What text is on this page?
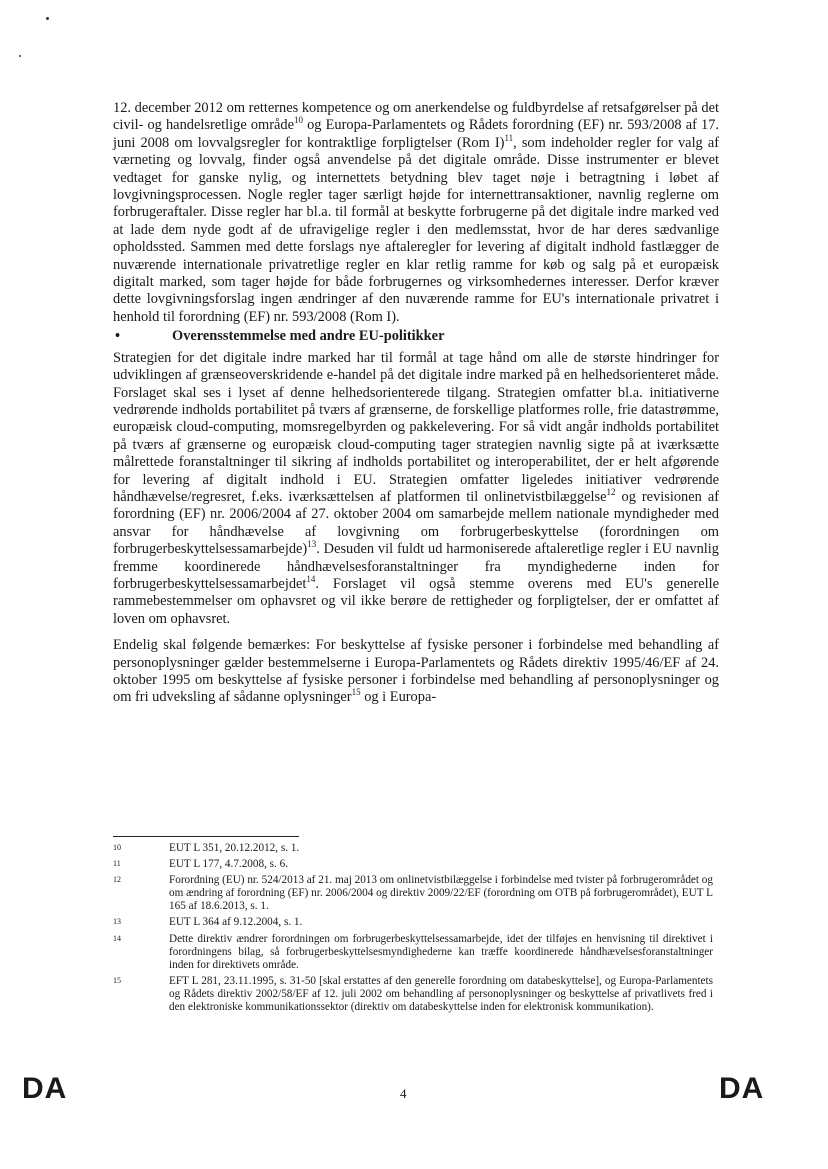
12. december 2012 om retternes kompetence og om anerkendelse og fuldbyrdelse af retsafgørelser på det civil- og handelsretlige område$^{10}$ og Europa-Parlamentets og Rådets forordning (EF) nr. 593/2008 af 17. juni 2008 om lovvalgsregler for kontraktlige forpligtelser (Rom I)$^{11}$, som indeholder regler for valg af værneting og lovvalg, finder også anvendelse på det digitale område. Disse instrumenter er blevet vedtaget for ganske nylig, og internettets betydning blev taget nøje i betragtning i løbet af lovgivningsprocessen. Nogle regler tager særligt højde for internettransaktioner, navnlig reglerne om forbrugeraftaler. Disse regler har bl.a. til formål at beskytte forbrugerne på det digitale indre marked ved at lade dem nyde godt af de ufravigelige regler i den medlemsstat, hvor de har deres sædvanlige opholdssted. Sammen med dette forslags nye aftaleregler for levering af digitalt indhold fastlægger de nuværende internationale privatretlige regler en klar retlig ramme for køb og salg på et europæisk digitalt marked, som tager højde for både forbrugernes og virksomhedernes interesser. Derfor kræver dette lovgivningsforslag ingen ændringer af den nuværende ramme for EU's internationale privatret i henhold til forordning (EF) nr. 593/2008 (Rom I).

•	Overensstemmelse med andre EU-politikker

Strategien for det digitale indre marked har til formål at tage hånd om alle de største hindringer for udviklingen af grænseoverskridende e-handel på det digitale indre marked på en helhedsorienteret måde. Forslaget skal ses i lyset af denne helhedsorienterede tilgang. Strategien omfatter bl.a. initiativerne vedrørende indholds portabilitet på tværs af grænserne, de forskellige platformes rolle, frie datastrømme, europæisk cloud-computing, momsregelbyrden og pakkelevering. For så vidt angår indholds portabilitet på tværs af grænserne og europæisk cloud-computing tager strategien navnlig sigte på at iværksætte målrettede foranstaltninger til sikring af indholds portabilitet og interoperabilitet, der er helt afgørende for levering af digitalt indhold i EU. Strategien omfatter ligeledes initiativer vedrørende håndhævelse/regresret, f.eks. iværksættelsen af platformen til onlinetvistbilæggelse$^{12}$ og revisionen af forordning (EF) nr. 2006/2004 af 27. oktober 2004 om samarbejde mellem nationale myndigheder med ansvar for håndhævelse af lovgivning om forbrugerbeskyttelse (forordningen om forbrugerbeskyttelsessamarbejde)$^{13}$. Desuden vil fuldt ud harmoniserede aftaleretlige regler i EU navnlig fremme koordinerede håndhævelsesforanstaltninger fra myndighederne inden for forbrugerbeskyttelsessamarbejdet$^{14}$. Forslaget vil også stemme overens med EU's generelle rammebestemmelser om ophavsret og vil ikke berøre de rettigheder og forpligtelser, der er omfattet af loven om ophavsret.

Endelig skal følgende bemærkes: For beskyttelse af fysiske personer i forbindelse med behandling af personoplysninger gælder bestemmelserne i Europa-Parlamentets og Rådets direktiv 1995/46/EF af 24. oktober 1995 om beskyttelse af fysiske personer i forbindelse med behandling af personoplysninger og om fri udveksling af sådanne oplysninger$^{15}$ og i Europa-

10	EUT L 351, 20.12.2012, s. 1.
11	EUT L 177, 4.7.2008, s. 6.
12	Forordning (EU) nr. 524/2013 af 21. maj 2013 om onlinetvistbilæggelse i forbindelse med tvister på forbrugerområdet og om ændring af forordning (EF) nr. 2006/2004 og direktiv 2009/22/EF (forordning om OTB på forbrugerområdet), EUT L 165 af 18.6.2013, s. 1.
13	EUT L 364 af 9.12.2004, s. 1.
14	Dette direktiv ændrer forordningen om forbrugerbeskyttelsessamarbejde, idet der tilføjes en henvisning til direktivet i forordningens bilag, så forbrugerbeskyttelsesmyndighederne kan træffe koordinerede håndhævelsesforanstaltninger inden for direktivets område.
15	EFT L 281, 23.11.1995, s. 31-50 [skal erstattes af den generelle forordning om databeskyttelse], og Europa-Parlamentets og Rådets direktiv 2002/58/EF af 12. juli 2002 om behandling af personoplysninger og beskyttelse af privatlivets fred i den elektroniske kommunikationssektor (direktiv om databeskyttelse inden for elektronisk kommunikation).
DA	4	DA
